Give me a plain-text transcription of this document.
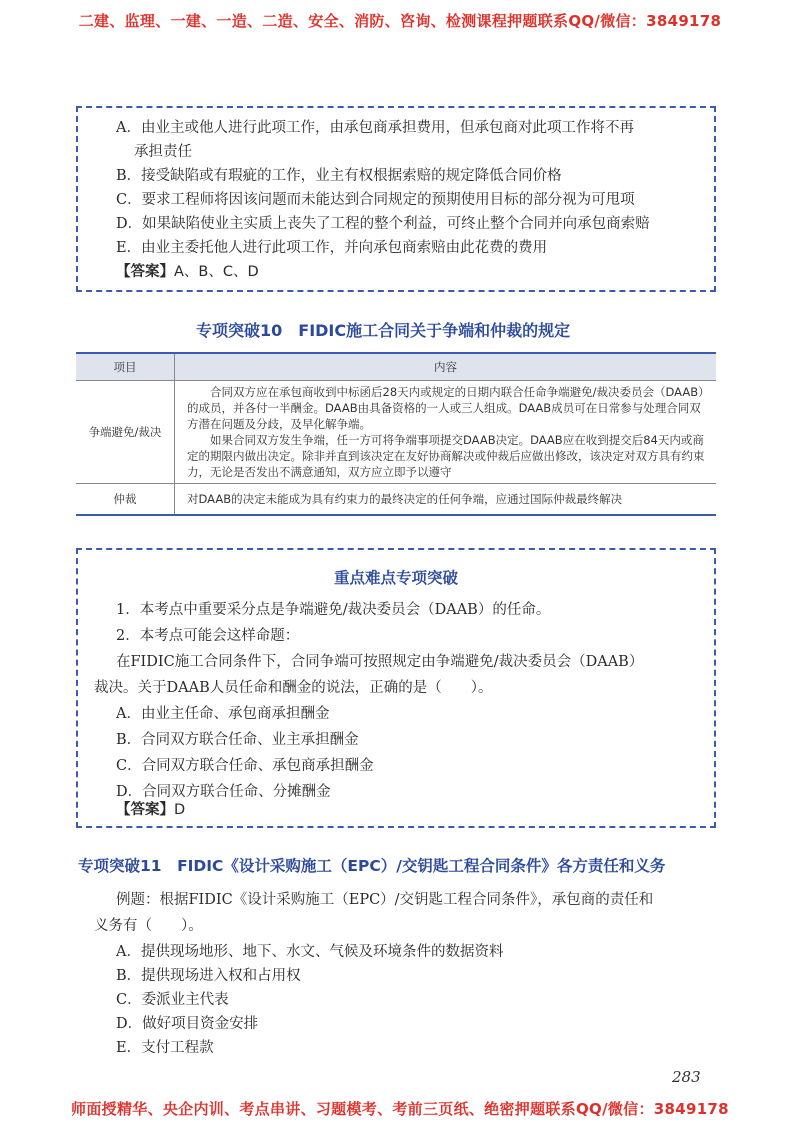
二建、监理、一建、一造、二造、安全、消防、咨询、检测课程押题联系QQ/微信：3849178
A．由业主或他人进行此项工作，由承包商承担费用，但承包商对此项工作将不再
承担责任
B．接受缺陷或有瑕疵的工作，业主有权根据索赔的规定降低合同价格
C．要求工程师将因该问题而未能达到合同规定的预期使用目标的部分视为可甩项
D．如果缺陷使业主实质上丧失了工程的整个利益，可终止整个合同并向承包商索赔
E．由业主委托他人进行此项工作，并向承包商索赔由此花费的费用
【答案】A、B、C、D
专项突破10　FIDIC施工合同关于争端和仲裁的规定
项目	内容
争端避免/裁决	合同双方应在承包商收到中标函后28天内或规定的日期内联合任命争端避免/裁决委员会（DAAB）的成员，并各付一半酬金。DAAB由具备资格的一人或三人组成。DAAB成员可在日常参与处理合同双方潜在问题及分歧，及早化解争端。
如果合同双方发生争端，任一方可将争端事项提交DAAB决定。DAAB应在收到提交后84天内或商定的期限内做出决定。除非并直到该决定在友好协商解决或仲裁后应做出修改，该决定对双方具有约束力，无论是否发出不满意通知，双方应立即予以遵守

仲裁	对DAAB的决定未能成为具有约束力的最终决定的任何争端，应通过国际仲裁最终解决
重点难点专项突破
1．本考点中重要采分点是争端避免/裁决委员会（DAAB）的任命。
2．本考点可能会这样命题：
在FIDIC施工合同条件下，合同争端可按照规定由争端避免/裁决委员会（DAAB）
裁决。关于DAAB人员任命和酬金的说法，正确的是（　　）。
A．由业主任命、承包商承担酬金
B．合同双方联合任命、业主承担酬金
C．合同双方联合任命、承包商承担酬金
D．合同双方联合任命、分摊酬金
【答案】D
专项突破11　FIDIC《设计采购施工（EPC）/交钥匙工程合同条件》各方责任和义务
例题：根据FIDIC《设计采购施工（EPC）/交钥匙工程合同条件》，承包商的责任和
义务有（　　）。
A．提供现场地形、地下、水文、气候及环境条件的数据资料
B．提供现场进入权和占用权
C．委派业主代表
D．做好项目资金安排
E．支付工程款
283
师面授精华、央企内训、考点串讲、习题模考、考前三页纸、绝密押题联系QQ/微信：3849178
